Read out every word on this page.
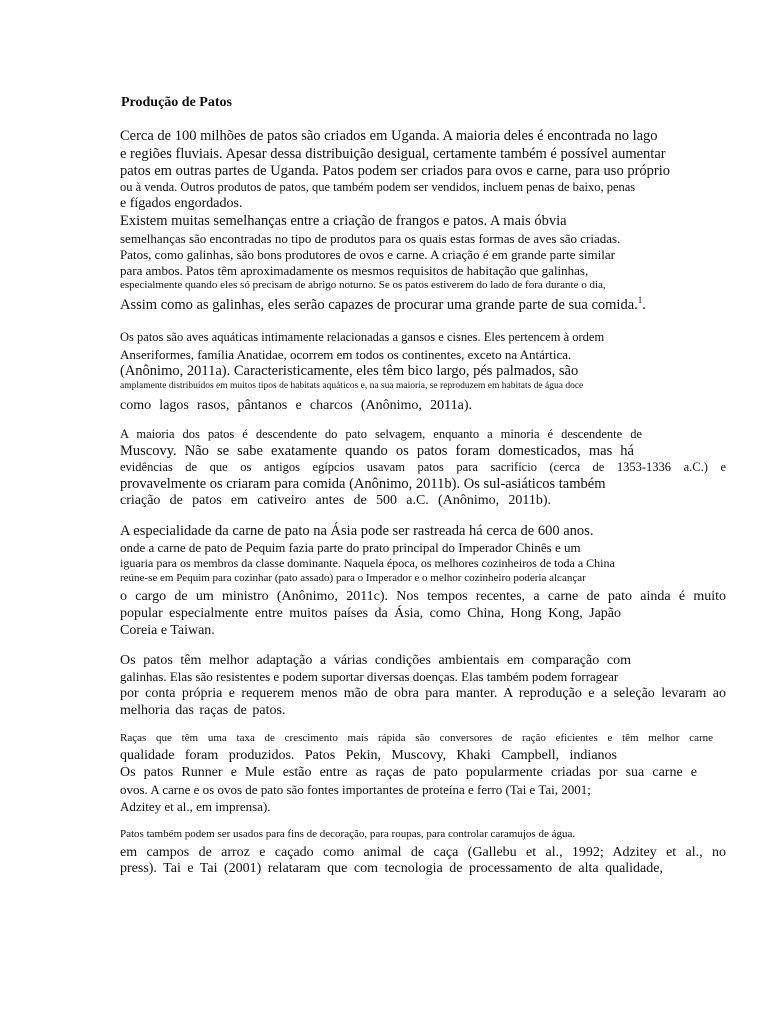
Produção de Patos

Cerca de 100 milhões de patos são criados em Uganda. A maioria deles é encontrada no lago

e regiões fluviais. Apesar dessa distribuição desigual, certamente também é possível aumentar

patos em outras partes de Uganda. Patos podem ser criados para ovos e carne, para uso próprio

ou à venda. Outros produtos de patos, que também podem ser vendidos, incluem penas de baixo, penas

e fígados engordados.

Existem muitas semelhanças entre a criação de frangos e patos. A mais óbvia

semelhanças são encontradas no tipo de produtos para os quais estas formas de aves são criadas.

Patos, como galinhas, são bons produtores de ovos e carne. A criação é em grande parte similar

para ambos. Patos têm aproximadamente os mesmos requisitos de habitação que galinhas,

especialmente quando eles só precisam de abrigo noturno. Se os patos estiverem do lado de fora durante o dia,

Assim como as galinhas, eles serão capazes de procurar uma grande parte de sua comida.$^1$.

Os patos são aves aquáticas intimamente relacionadas a gansos e cisnes. Eles pertencem à ordem

Anseriformes, família Anatidae, ocorrem em todos os continentes, exceto na Antártica.

(Anônimo, 2011a). Caracteristicamente, eles têm bico largo, pés palmados, são

amplamente distribuídos em muitos tipos de habitats aquáticos e, na sua maioria, se reproduzem em habitats de água doce

como lagos rasos, pântanos e charcos (Anônimo, 2011a).

A maioria dos patos é descendente do pato selvagem, enquanto a minoria é descendente de

Muscovy. Não se sabe exatamente quando os patos foram domesticados, mas há

evidências de que os antigos egípcios usavam patos para sacrifício (cerca de 1353-1336 a.C.) e

provavelmente os criaram para comida (Anônimo, 2011b). Os sul-asiáticos também

criação de patos em cativeiro antes de 500 a.C. (Anônimo, 2011b).

A especialidade da carne de pato na Ásia pode ser rastreada há cerca de 600 anos.

onde a carne de pato de Pequim fazia parte do prato principal do Imperador Chinês e um

iguaria para os membros da classe dominante. Naquela época, os melhores cozinheiros de toda a China

reúne-se em Pequim para cozinhar (pato assado) para o Imperador e o melhor cozinheiro poderia alcançar

o cargo de um ministro (Anônimo, 2011c). Nos tempos recentes, a carne de pato ainda é muito

popular especialmente entre muitos países da Ásia, como China, Hong Kong, Japão

Coreia e Taiwan.

Os patos têm melhor adaptação a várias condições ambientais em comparação com

galinhas. Elas são resistentes e podem suportar diversas doenças. Elas também podem forragear

por conta própria e requerem menos mão de obra para manter. A reprodução e a seleção levaram ao

melhoria das raças de patos.

Raças que têm uma taxa de crescimento mais rápida são conversores de ração eficientes e têm melhor carne

qualidade foram produzidos. Patos Pekin, Muscovy, Khaki Campbell, indianos

Os patos Runner e Mule estão entre as raças de pato popularmente criadas por sua carne e

ovos. A carne e os ovos de pato são fontes importantes de proteína e ferro (Tai e Tai, 2001;

Adzitey et al., em imprensa).

Patos também podem ser usados para fins de decoração, para roupas, para controlar caramujos de água.

em campos de arroz e caçado como animal de caça (Gallebu et al., 1992; Adzitey et al., no

press). Tai e Tai (2001) relataram que com tecnologia de processamento de alta qualidade,
